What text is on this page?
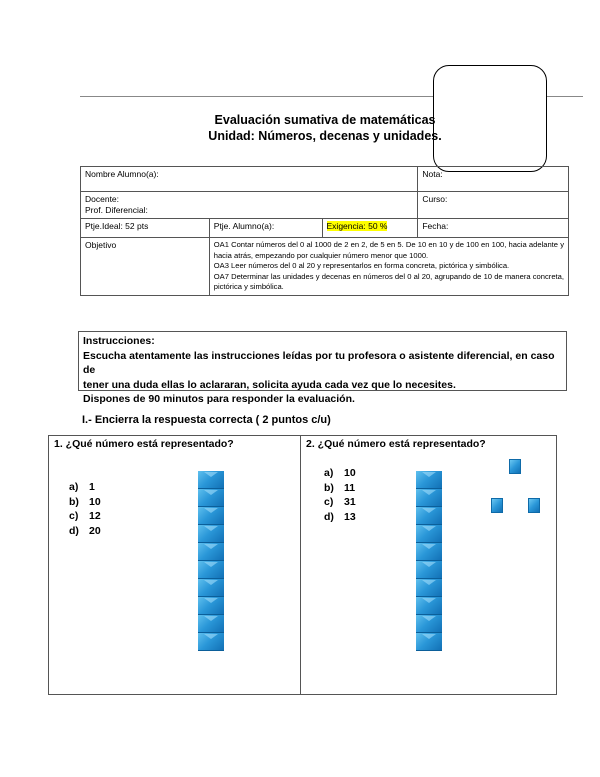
Evaluación sumativa de matemáticas
Unidad: Números, decenas y unidades.
Nombre Alumno(a):			Nota:

Docente:
Prof. Diferencial:			Curso:
Ptje.Ideal: 52 pts	Ptje. Alumno(a):	Exigencia: 50 %	Fecha:
Objetivo	OA1 Contar números del 0 al 1000 de 2 en 2, de 5 en 5. De 10 en 10 y de 100 en 100, hacia adelante y hacia atrás, empezando por cualquier número menor que 1000.
OA3 Leer números del 0 al 20 y representarlos en forma concreta, pictórica y simbólica.
OA7 Determinar las unidades y decenas en números del 0 al 20, agrupando de 10 de manera concreta, pictórica y simbólica.		
Instrucciones:
Escucha atentamente las instrucciones leídas por tu profesora o asistente diferencial, en caso de
tener una duda ellas lo aclararan, solicita ayuda cada vez que lo necesites.
Dispones de 90 minutos para responder la evaluación.
I.- Encierra la respuesta correcta ( 2 puntos c/u)
1. ¿Qué número está representado?
a) 1
b) 10
c) 12
d) 20
2. ¿Qué número está representado?
a) 10
b) 11
c) 31
d) 13
